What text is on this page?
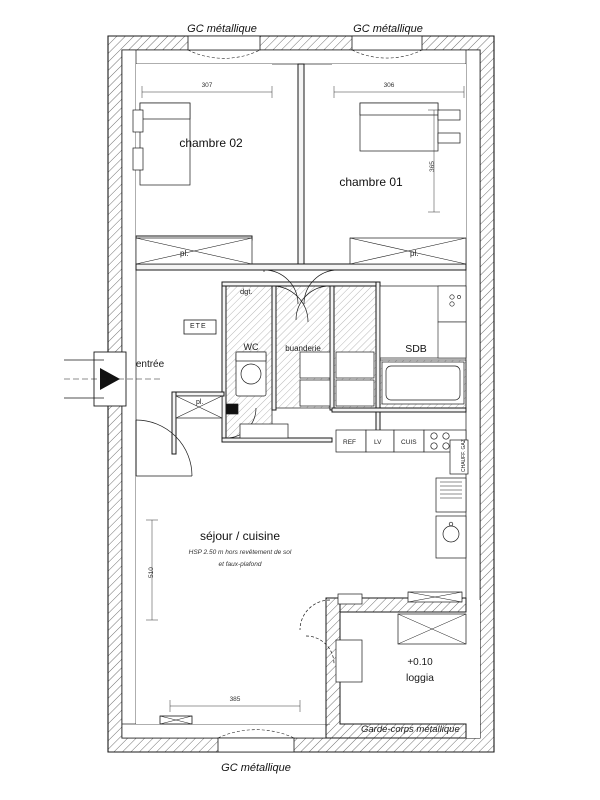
GC métallique	GC métallique
GC métallique
Garde-corps métallique
chambre 02
chambre 01
séjour / cuisine
SDB
WC	buanderie
entrée
loggia
+0.10
pl.	pl.
pl.
dgt.
ETE
REF	LV	CUIS	CHAUFF. GAZ
HSP 2.50 m hors revêtement de sol
et faux-plafond
307	306
365
510
385
